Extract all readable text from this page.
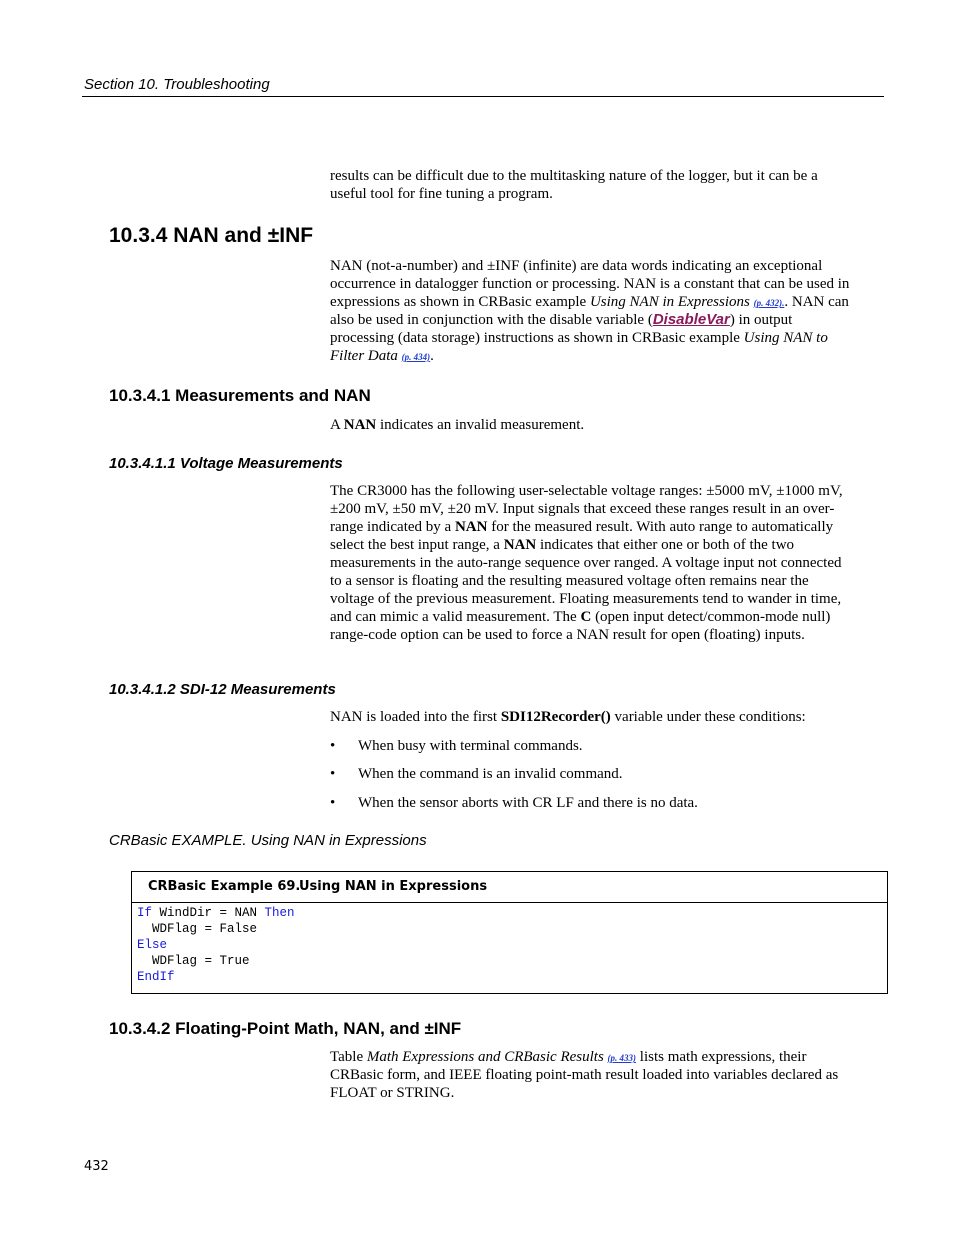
Section 10. Troubleshooting

results can be difficult due to the multitasking nature of the logger, but it can be a useful tool for fine tuning a program.

10.3.4 NAN and ±INF

NAN (not-a-number) and ±INF (infinite) are data words indicating an exceptional occurrence in datalogger function or processing. NAN is a constant that can be used in expressions as shown in CRBasic example Using NAN in Expressions (p. 432).. NAN can also be used in conjunction with the disable variable (DisableVar) in output processing (data storage) instructions as shown in CRBasic example Using NAN to Filter Data (p. 434).

10.3.4.1 Measurements and NAN

A NAN indicates an invalid measurement.

10.3.4.1.1 Voltage Measurements

The CR3000 has the following user-selectable voltage ranges: ±5000 mV, ±1000 mV, ±200 mV, ±50 mV, ±20 mV. Input signals that exceed these ranges result in an over-range indicated by a NAN for the measured result. With auto range to automatically select the best input range, a NAN indicates that either one or both of the two measurements in the auto-range sequence over ranged. A voltage input not connected to a sensor is floating and the resulting measured voltage often remains near the voltage of the previous measurement. Floating measurements tend to wander in time, and can mimic a valid measurement. The C (open input detect/common-mode null) range-code option can be used to force a NAN result for open (floating) inputs.

10.3.4.1.2 SDI-12 Measurements

NAN is loaded into the first SDI12Recorder() variable under these conditions:

• When busy with terminal commands.
• When the command is an invalid command.
• When the sensor aborts with CR LF and there is no data.
CRBasic EXAMPLE. Using NAN in Expressions
CRBasic Example 69.
Using NAN in Expressions
If WindDir = NAN Then
WDFlag = False
Else
WDFlag = True
EndIf
10.3.4.2 Floating-Point Math, NAN, and ±INF

Table Math Expressions and CRBasic Results (p. 433) lists math expressions, their CRBasic form, and IEEE floating point-math result loaded into variables declared as FLOAT or STRING.

432
